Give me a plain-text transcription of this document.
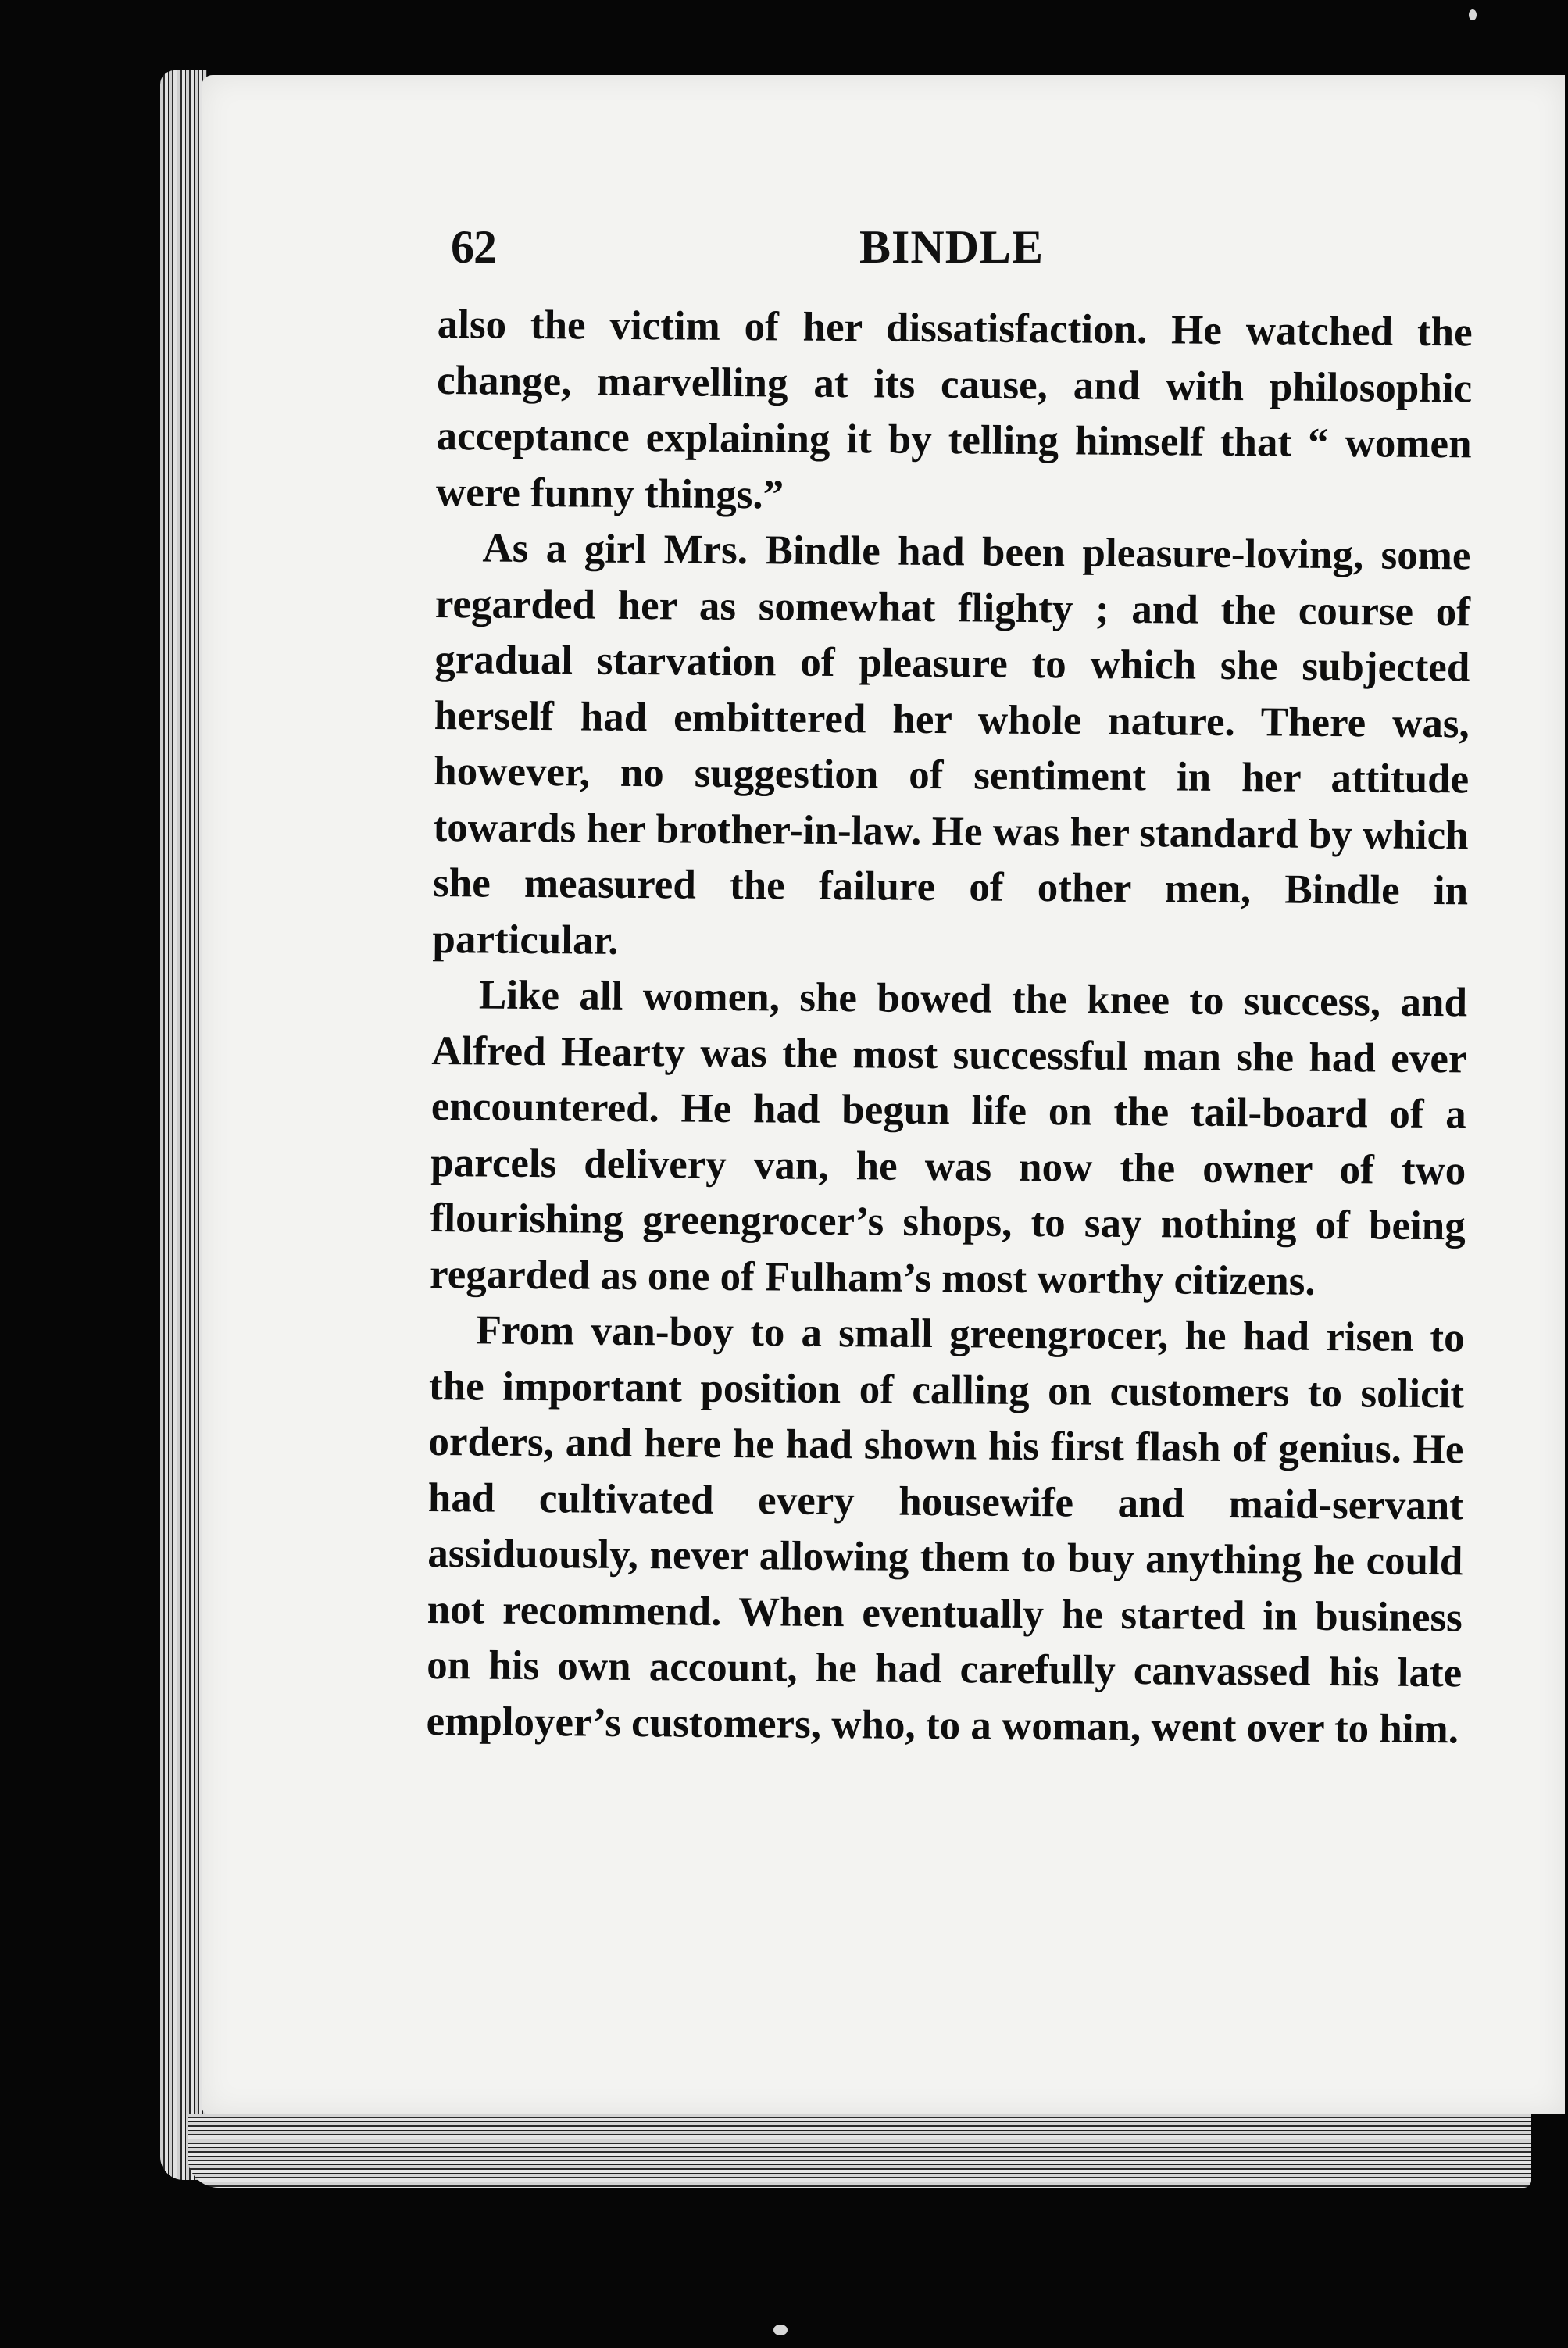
62	BINDLE

also the victim of her dissatisfaction. He watched the change, marvelling at its cause, and with philosophic acceptance explaining it by telling himself that “ women were funny things.”

As a girl Mrs. Bindle had been pleasure-loving, some regarded her as somewhat flighty ; and the course of gradual starvation of pleasure to which she subjected herself had embittered her whole nature. There was, however, no suggestion of sentiment in her attitude towards her brother-in-law. He was her standard by which she measured the failure of other men, Bindle in particular.

Like all women, she bowed the knee to success, and Alfred Hearty was the most successful man she had ever encountered. He had begun life on the tail-board of a parcels delivery van, he was now the owner of two flourishing greengrocer’s shops, to say nothing of being regarded as one of Fulham’s most worthy citizens.

From van-boy to a small greengrocer, he had risen to the important position of calling on customers to solicit orders, and here he had shown his first flash of genius. He had cultivated every housewife and maid-servant assiduously, never allowing them to buy anything he could not recommend. When eventually he started in business on his own account, he had carefully canvassed his late employer’s customers, who, to a woman, went over to him.
